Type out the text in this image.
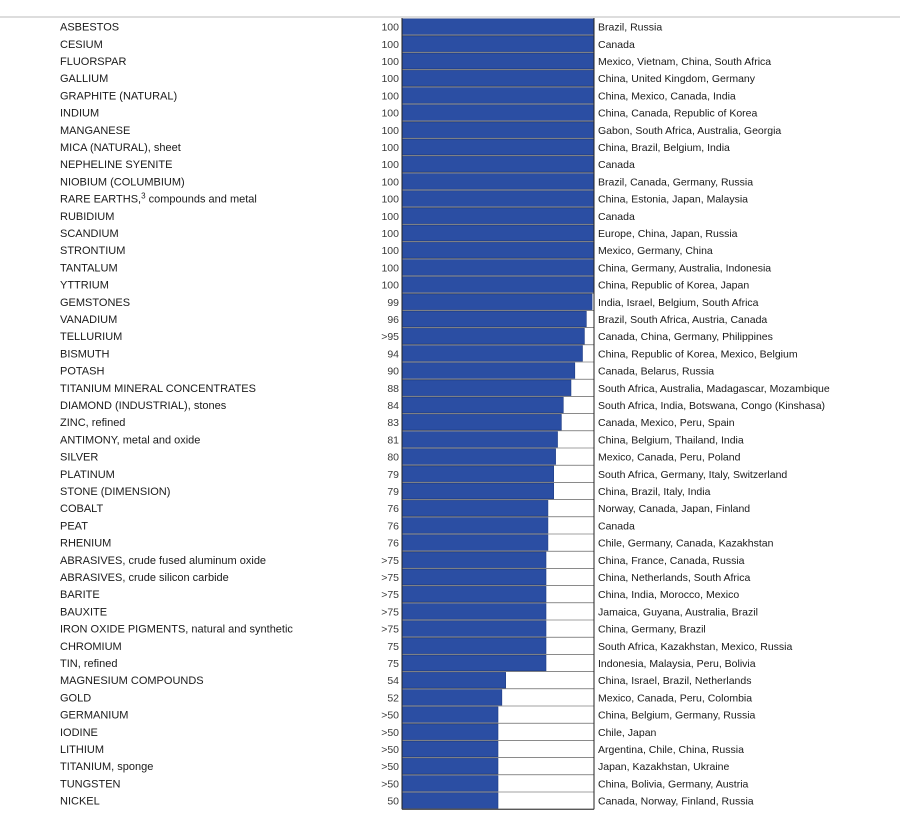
ASBESTOS	100	Brazil, Russia
CESIUM	100	Canada
FLUORSPAR	100	Mexico, Vietnam, China, South Africa
GALLIUM	100	China, United Kingdom, Germany
GRAPHITE (NATURAL)	100	China, Mexico, Canada, India
INDIUM	100	China, Canada, Republic of Korea
MANGANESE	100	Gabon, South Africa, Australia, Georgia
MICA (NATURAL), sheet	100	China, Brazil, Belgium, India
NEPHELINE SYENITE	100	Canada
NIOBIUM (COLUMBIUM)	100	Brazil, Canada, Germany, Russia
RARE EARTHS,$^3$ compounds and metal	100	China, Estonia, Japan, Malaysia
RUBIDIUM	100	Canada
SCANDIUM	100	Europe, China, Japan, Russia
STRONTIUM	100	Mexico, Germany, China
TANTALUM	100	China, Germany, Australia, Indonesia
YTTRIUM	100	China, Republic of Korea, Japan
GEMSTONES	99	India, Israel, Belgium, South Africa
VANADIUM	96	Brazil, South Africa, Austria, Canada
TELLURIUM	>95	Canada, China, Germany, Philippines
BISMUTH	94	China, Republic of Korea, Mexico, Belgium
POTASH	90	Canada, Belarus, Russia
TITANIUM MINERAL CONCENTRATES	88	South Africa, Australia, Madagascar, Mozambique
DIAMOND (INDUSTRIAL), stones	84	South Africa, India, Botswana, Congo (Kinshasa)
ZINC, refined	83	Canada, Mexico, Peru, Spain
ANTIMONY, metal and oxide	81	China, Belgium, Thailand, India
SILVER	80	Mexico, Canada, Peru, Poland
PLATINUM	79	South Africa, Germany, Italy, Switzerland
STONE (DIMENSION)	79	China, Brazil, Italy, India
COBALT	76	Norway, Canada, Japan, Finland
PEAT	76	Canada
RHENIUM	76	Chile, Germany, Canada, Kazakhstan
ABRASIVES, crude fused aluminum oxide	>75	China, France, Canada, Russia
ABRASIVES, crude silicon carbide	>75	China, Netherlands, South Africa
BARITE	>75	China, India, Morocco, Mexico
BAUXITE	>75	Jamaica, Guyana, Australia, Brazil
IRON OXIDE PIGMENTS, natural and synthetic	>75	China, Germany, Brazil
CHROMIUM	75	South Africa, Kazakhstan, Mexico, Russia
TIN, refined	75	Indonesia, Malaysia, Peru, Bolivia
MAGNESIUM COMPOUNDS	54	China, Israel, Brazil, Netherlands
GOLD	52	Mexico, Canada, Peru, Colombia
GERMANIUM	>50	China, Belgium, Germany, Russia
IODINE	>50	Chile, Japan
LITHIUM	>50	Argentina, Chile, China, Russia
TITANIUM, sponge	>50	Japan, Kazakhstan, Ukraine
TUNGSTEN	>50	China, Bolivia, Germany, Austria
NICKEL	50	Canada, Norway, Finland, Russia
